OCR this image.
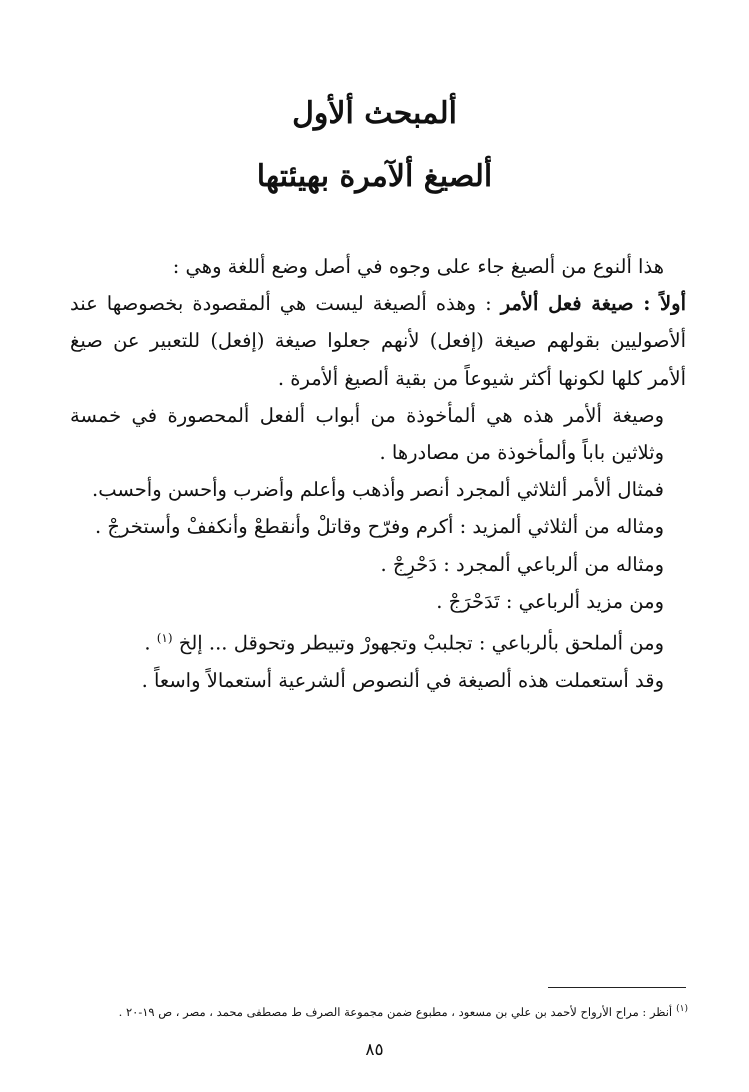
ألمبحث ألأول
ألصيغ ألآمرة بهيئتها

هذا ألنوع من ألصيغ جاء على وجوه في أصل وضع أللغة وهي :

أولاً : صيغة فعل ألأمر : وهذه ألصيغة ليست هي ألمقصودة بخصوصها عند ألأصوليين بقولهم صيغة (إفعل) لأنهم جعلوا صيغة (إفعل) للتعبير عن صيغ ألأمر كلها لكونها أكثر شيوعاً من بقية ألصيغ ألأمرة .

وصيغة ألأمر هذه هي ألمأخوذة من أبواب ألفعل ألمحصورة في خمسة وثلاثين باباً وألمأخوذة من مصادرها .

فمثال ألأمر ألثلاثي ألمجرد أنصر وأذهب وأعلم وأضرب وأحسن وأحسب.

ومثاله من ألثلاثي ألمزيد : أكرم وفرّح وقاتلْ وأنقطعْ وأنكففْ وأستخرجْ .

ومثاله من ألرباعي ألمجرد : دَحْرِجْ .

ومن مزيد ألرباعي : تَدَحْرَجْ .

ومن ألملحق بألرباعي : تجلببْ وتجهورْ وتبيطر وتحوقل ... إلخ $^{(١)}$ .

وقد أستعملت هذه ألصيغة في ألنصوص ألشرعية أستعمالاً واسعاً .

$^{(١)}$أنظر : مراح الأرواح لأحمد بن علي بن مسعود ، مطبوع ضمن مجموعة الصرف ط مصطفى محمد ، مصر ، ص ١٩-٢٠ .
٨٥
